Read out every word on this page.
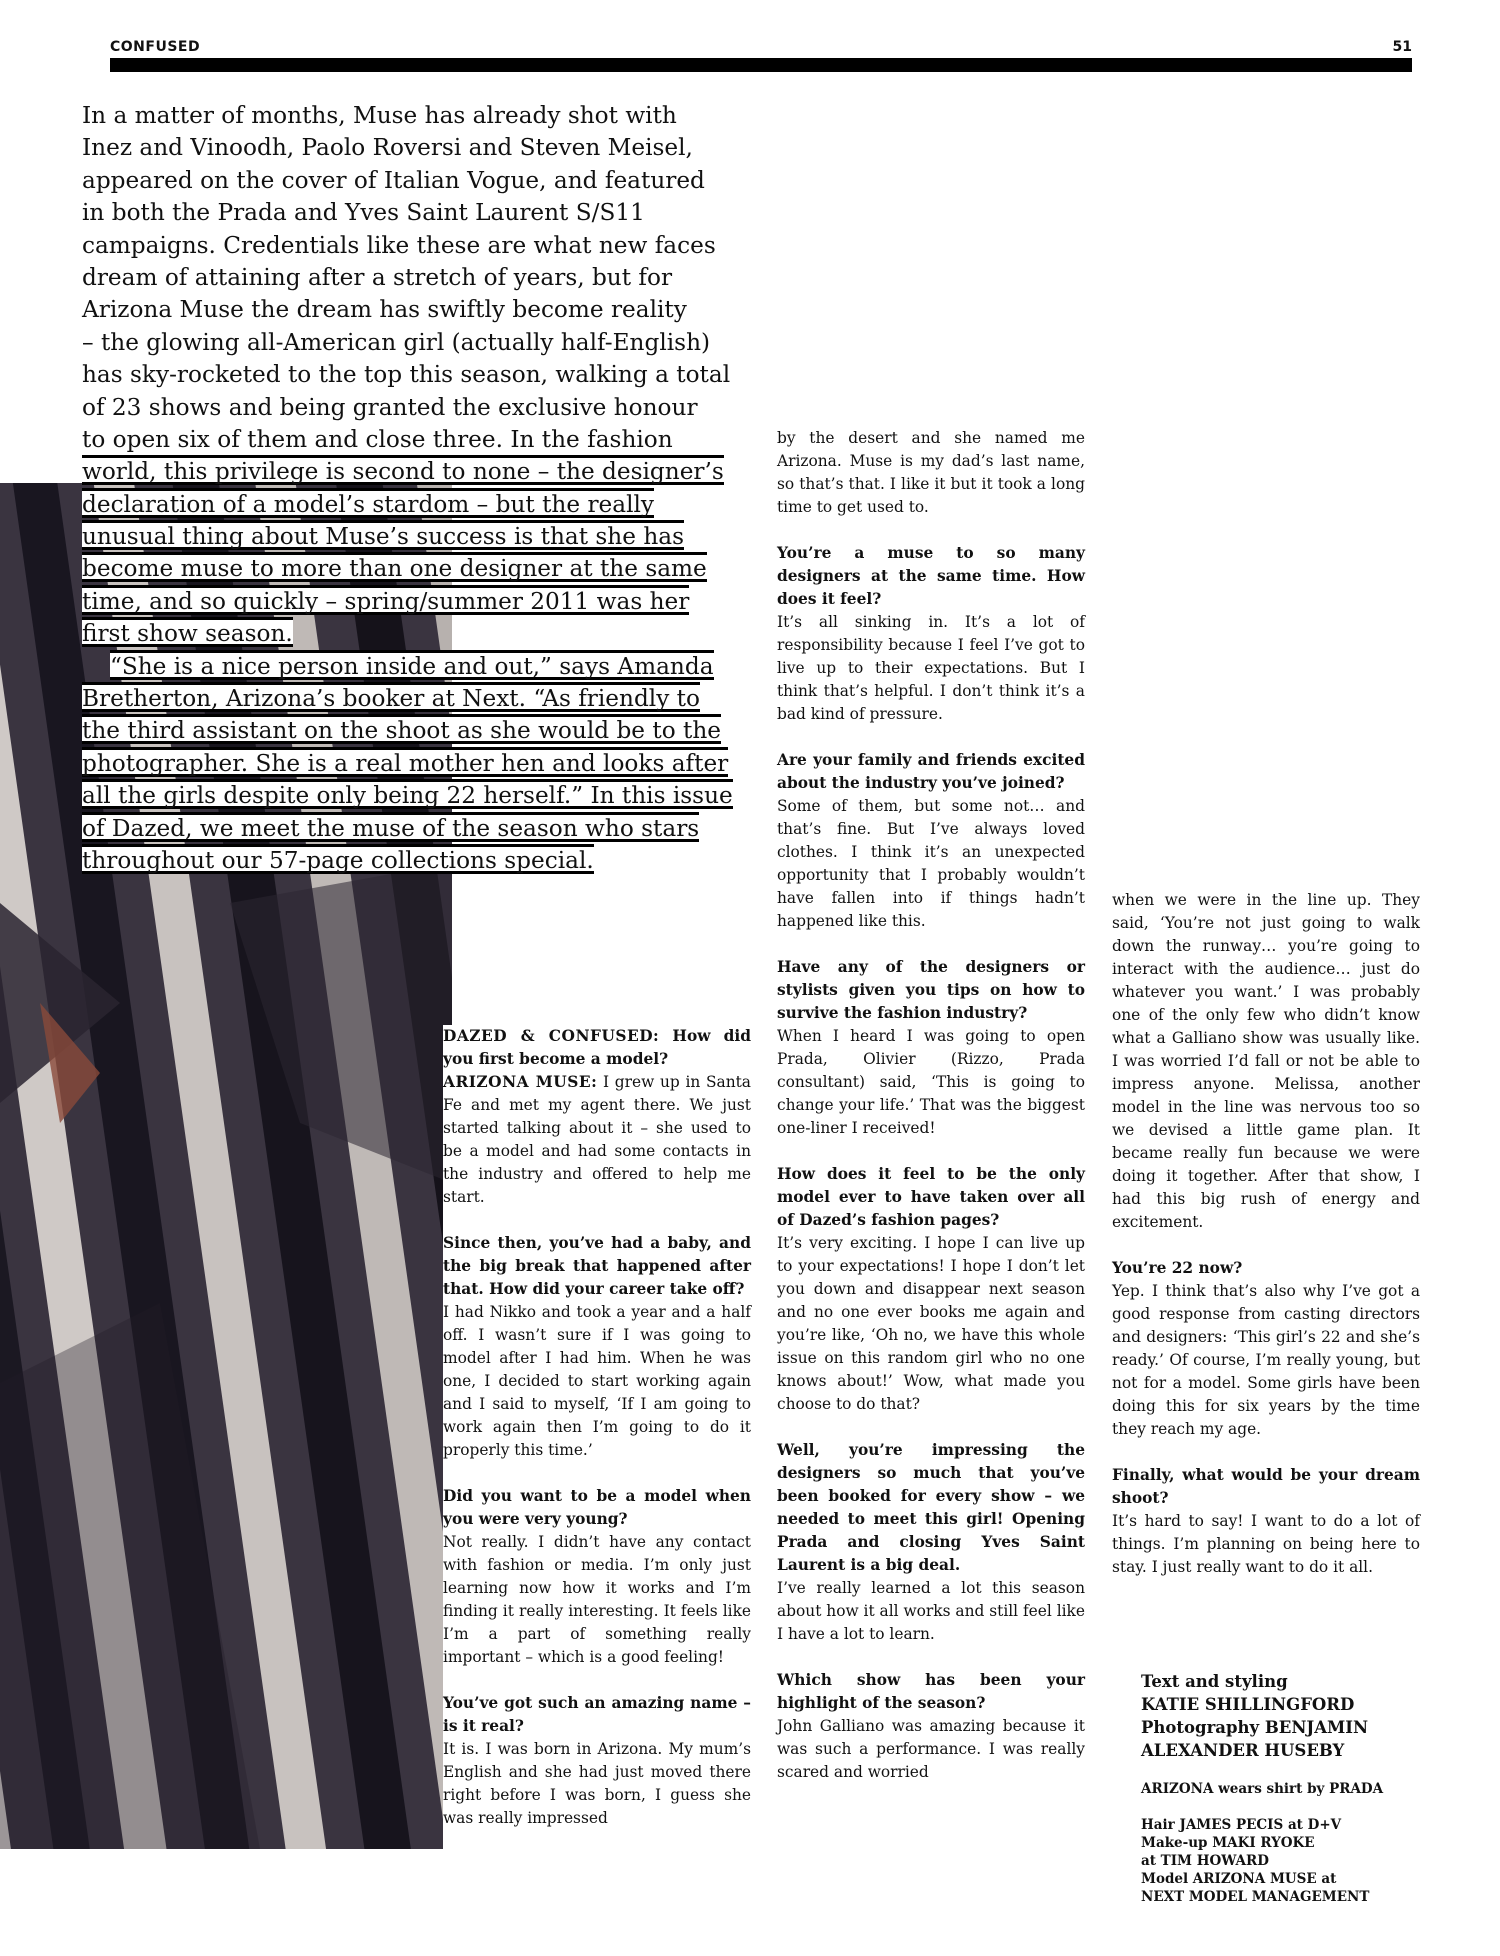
CONFUSED	51
In a matter of months, Muse has already shot with
Inez and Vinoodh, Paolo Roversi and Steven Meisel,
appeared on the cover of Italian Vogue, and featured
in both the Prada and Yves Saint Laurent S/S11
campaigns. Credentials like these are what new faces
dream of attaining after a stretch of years, but for
Arizona Muse the dream has swiftly become reality
– the glowing all-American girl (actually half-English)
has sky-rocketed to the top this season, walking a total
of 23 shows and being granted the exclusive honour
to open six of them and close three. In the fashion
world, this privilege is second to none – the designer’s
declaration of a model’s stardom – but the really
unusual thing about Muse’s success is that she has
become muse to more than one designer at the same
time, and so quickly – spring/summer 2011 was her
first show season.
“She is a nice person inside and out,” says Amanda
Bretherton, Arizona’s booker at Next. “As friendly to
the third assistant on the shoot as she would be to the
photographer. She is a real mother hen and looks after
all the girls despite only being 22 herself.” In this issue
of Dazed, we meet the muse of the season who stars
throughout our 57-page collections special.

DAZED & CONFUSED: How did you first become a model?
ARIZONA MUSE: I grew up in Santa Fe and met my agent there. We just started talking about it – she used to be a model and had some contacts in the industry and offered to help me start.

Since then, you’ve had a baby, and the big break that happened after that. How did your career take off?
I had Nikko and took a year and a half off. I wasn’t sure if I was going to model after I had him. When he was one, I decided to start working again and I said to myself, ‘If I am going to work again then I’m going to do it properly this time.’

Did you want to be a model when you were very young?
Not really. I didn’t have any contact with fashion or media. I’m only just learning now how it works and I’m finding it really interesting. It feels like I’m a part of something really important – which is a good feeling!

You’ve got such an amazing name – is it real?
It is. I was born in Arizona. My mum’s English and she had just moved there right before I was born, I guess she was really impressed

by the desert and she named me Arizona. Muse is my dad’s last name, so that’s that. I like it but it took a long time to get used to.

You’re a muse to so many designers at the same time. How does it feel?
It’s all sinking in. It’s a lot of responsibility because I feel I’ve got to live up to their expectations. But I think that’s helpful. I don’t think it’s a bad kind of pressure.

Are your family and friends excited about the industry you’ve joined?
Some of them, but some not… and that’s fine. But I’ve always loved clothes. I think it’s an unexpected opportunity that I probably wouldn’t have fallen into if things hadn’t happened like this.

Have any of the designers or stylists given you tips on how to survive the fashion industry?
When I heard I was going to open Prada, Olivier (Rizzo, Prada consultant) said, ‘This is going to change your life.’ That was the biggest one-liner I received!

How does it feel to be the only model ever to have taken over all of Dazed’s fashion pages?
It’s very exciting. I hope I can live up to your expectations! I hope I don’t let you down and disappear next season and no one ever books me again and you’re like, ‘Oh no, we have this whole issue on this random girl who no one knows about!’ Wow, what made you choose to do that?

Well, you’re impressing the designers so much that you’ve been booked for every show – we needed to meet this girl! Opening Prada and closing Yves Saint Laurent is a big deal.
I’ve really learned a lot this season about how it all works and still feel like I have a lot to learn.

Which show has been your highlight of the season?
John Galliano was amazing because it was such a performance. I was really scared and worried

when we were in the line up. They said, ‘You’re not just going to walk down the runway… you’re going to interact with the audience… just do whatever you want.’ I was probably one of the only few who didn’t know what a Galliano show was usually like. I was worried I’d fall or not be able to impress anyone. Melissa, another model in the line was nervous too so we devised a little game plan. It became really fun because we were doing it together. After that show, I had this big rush of energy and excitement.

You’re 22 now?
Yep. I think that’s also why I’ve got a good response from casting directors and designers: ‘This girl’s 22 and she’s ready.’ Of course, I’m really young, but not for a model. Some girls have been doing this for six years by the time they reach my age.

Finally, what would be your dream shoot?
It’s hard to say! I want to do a lot of things. I’m planning on being here to stay. I just really want to do it all.

Text and styling
KATIE SHILLINGFORD
Photography BENJAMIN
ALEXANDER HUSEBY
ARIZONA wears shirt by PRADA
Hair JAMES PECIS at D+V
Make-up MAKI RYOKE
at TIM HOWARD
Model ARIZONA MUSE at
NEXT MODEL MANAGEMENT
